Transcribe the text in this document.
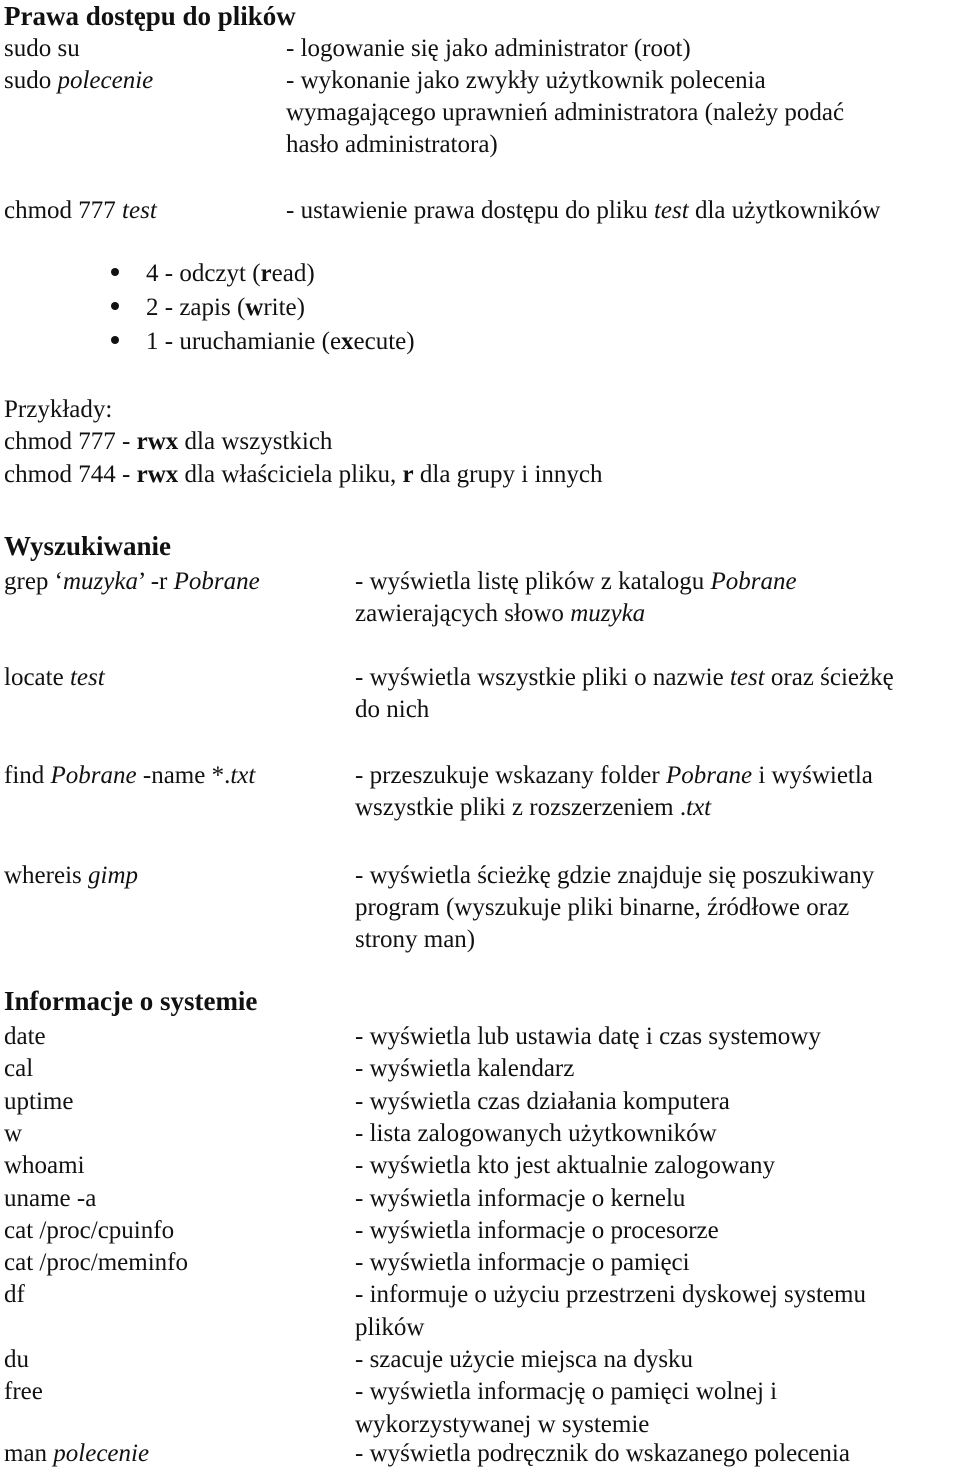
Prawa dostępu do plików
sudo su	- logowanie się jako administrator (root)
sudo polecenie	- wykonanie jako zwykły użytkownik polecenia
wymagającego uprawnień administratora (należy podać
hasło administratora)
chmod 777 test	- ustawienie prawa dostępu do pliku test dla użytkowników
4 - odczyt (read)
2 - zapis (write)
1 - uruchamianie (execute)
Przykłady:
chmod 777 - rwx dla wszystkich
chmod 744 - rwx dla właściciela pliku, r dla grupy i innych
Wyszukiwanie
grep ‘muzyka’ -r Pobrane	- wyświetla listę plików z katalogu Pobrane
zawierających słowo muzyka
locate test	- wyświetla wszystkie pliki o nazwie test oraz ścieżkę
do nich
find Pobrane -name *.txt	- przeszukuje wskazany folder Pobrane i wyświetla
wszystkie pliki z rozszerzeniem .txt
whereis gimp	- wyświetla ścieżkę gdzie znajduje się poszukiwany
program (wyszukuje pliki binarne, źródłowe oraz
strony man)
Informacje o systemie
date	- wyświetla lub ustawia datę i czas systemowy
cal	- wyświetla kalendarz
uptime	- wyświetla czas działania komputera
w	- lista zalogowanych użytkowników
whoami	- wyświetla kto jest aktualnie zalogowany
uname -a	- wyświetla informacje o kernelu
cat /proc/cpuinfo	- wyświetla informacje o procesorze
cat /proc/meminfo	- wyświetla informacje o pamięci
df	- informuje o użyciu przestrzeni dyskowej systemu
plików
du	- szacuje użycie miejsca na dysku
free	- wyświetla informację o pamięci wolnej i
wykorzystywanej w systemie
man polecenie	- wyświetla podręcznik do wskazanego polecenia
